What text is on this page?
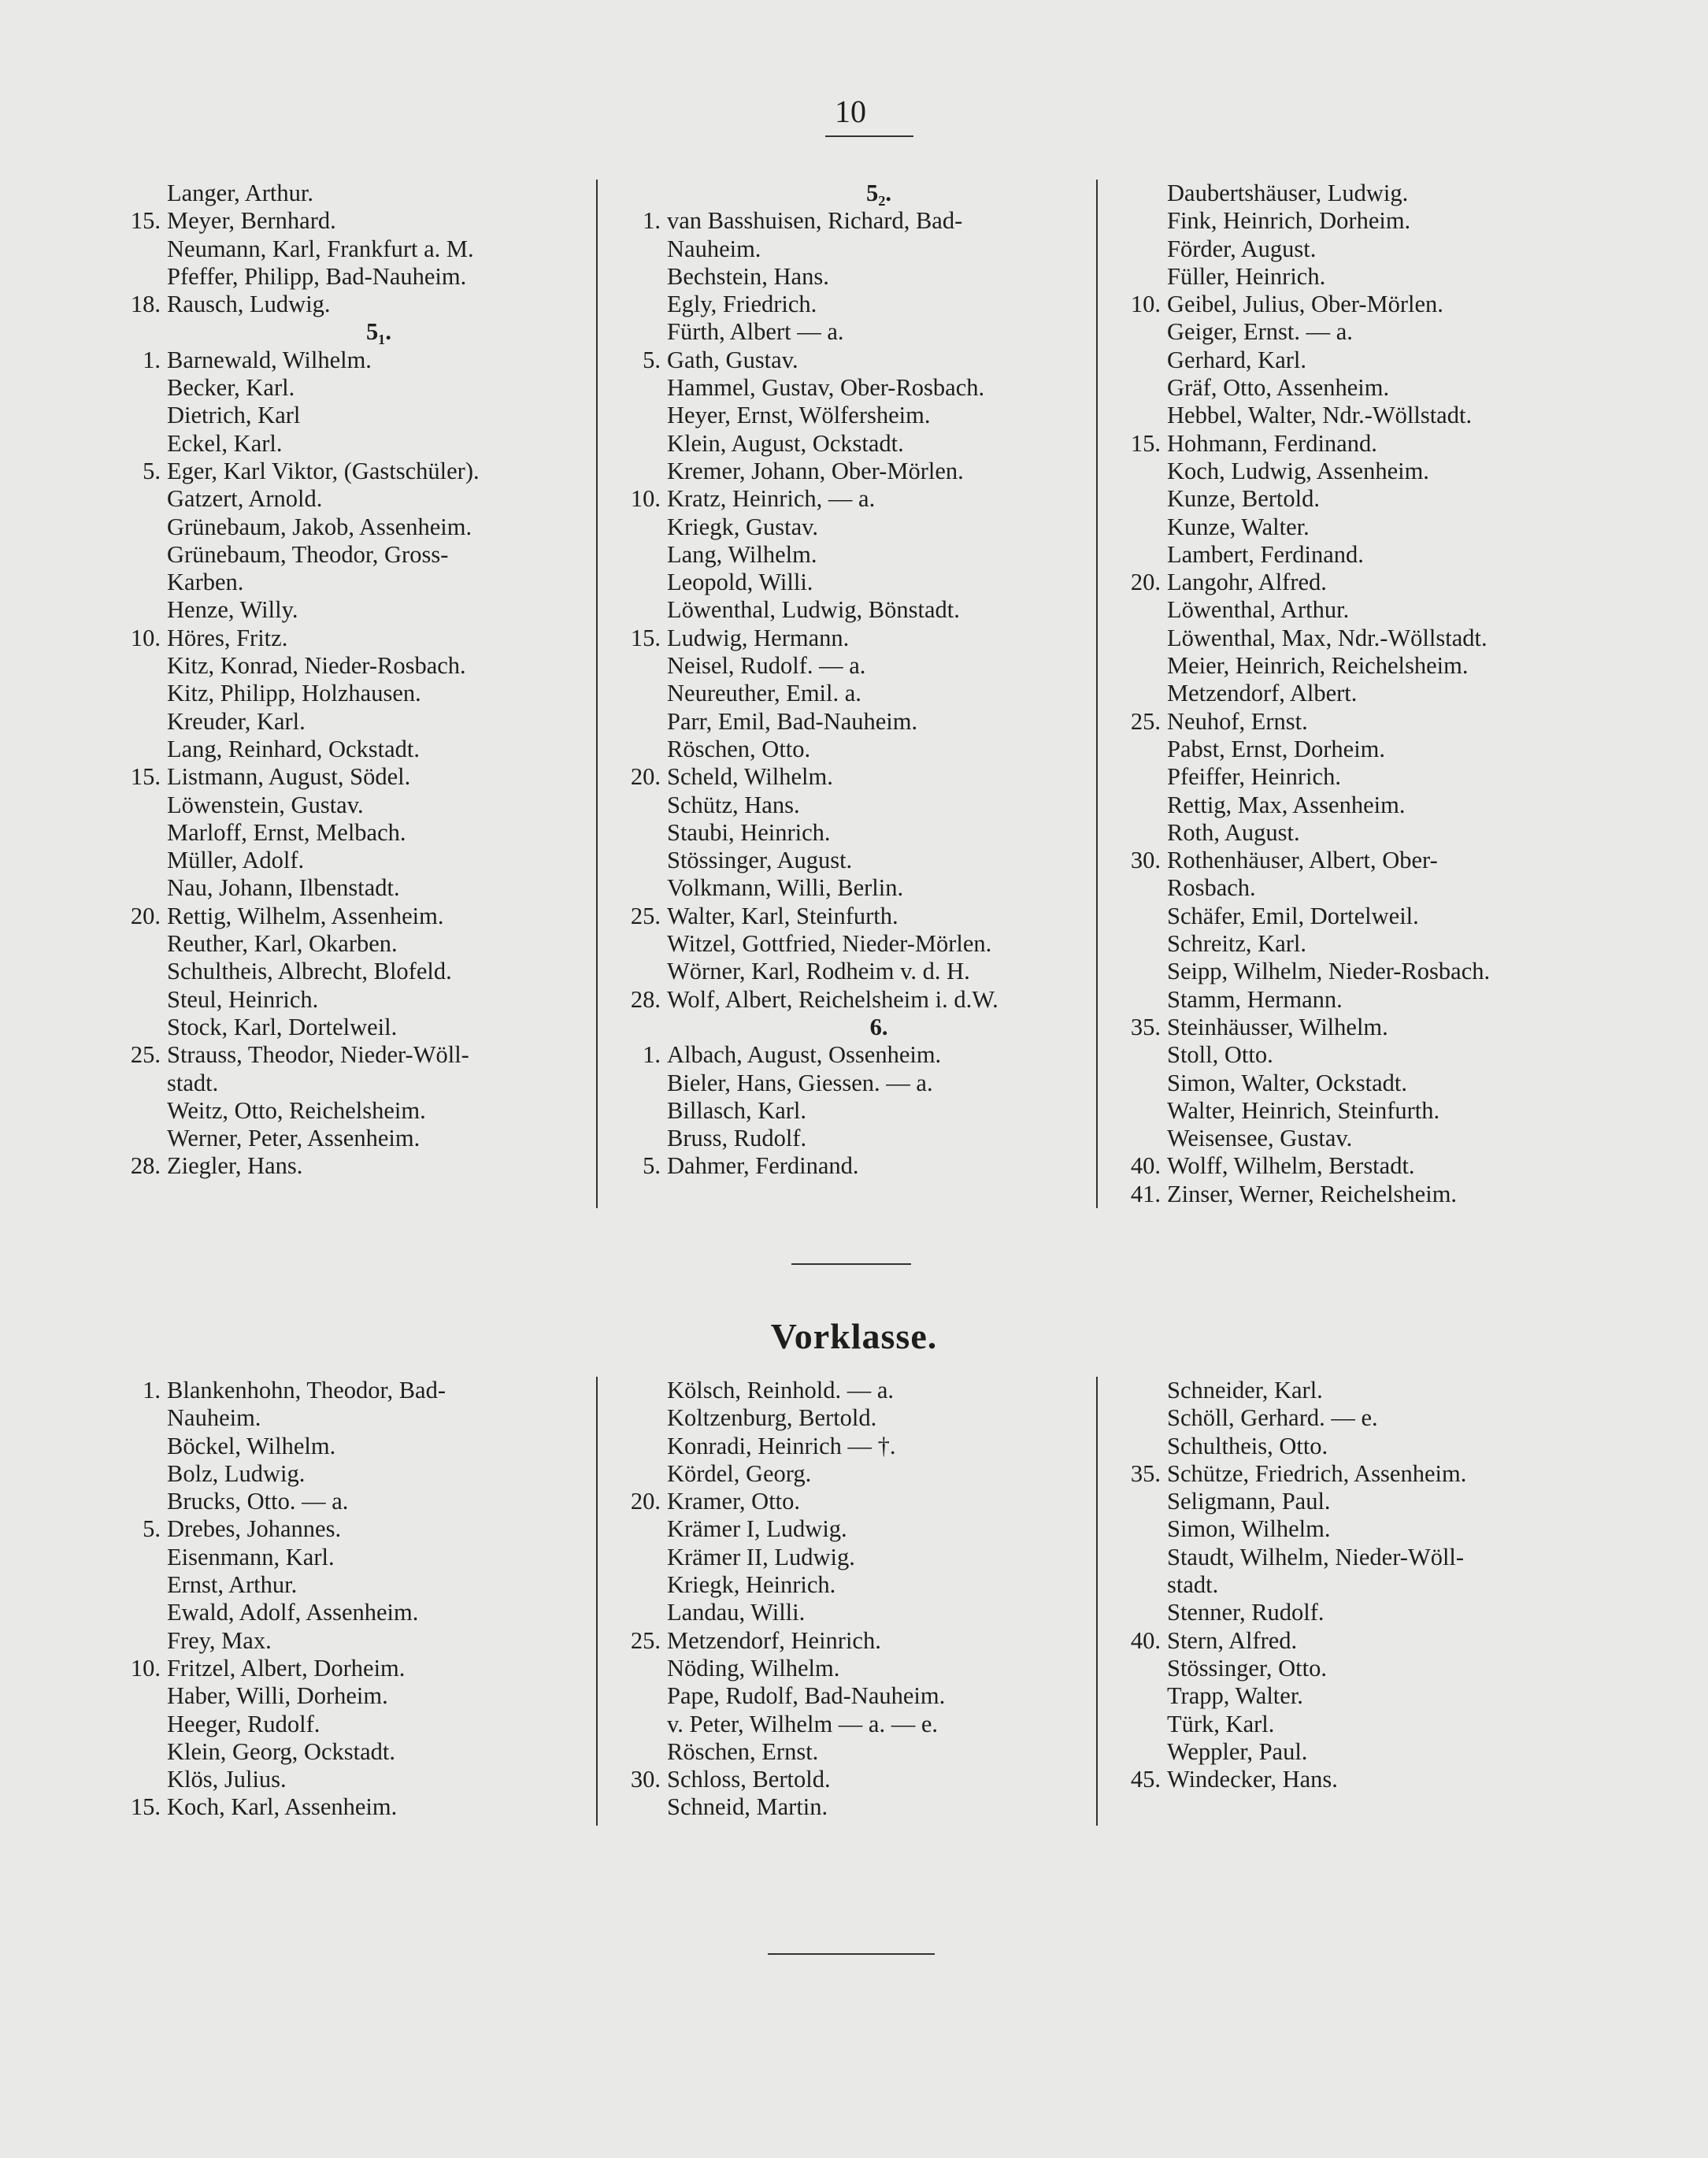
10
Langer, Arthur.
15. Meyer, Bernhard.
Neumann, Karl, Frankfurt a. M.
Pfeffer, Philipp, Bad-Nauheim.
18. Rausch, Ludwig.
5₁.
1. Barnewald, Wilhelm.
Becker, Karl.
Dietrich, Karl
Eckel, Karl.
5. Eger, Karl Viktor, (Gastschüler).
Gatzert, Arnold.
Grünebaum, Jakob, Assenheim.
Grünebaum, Theodor, Gross-
Karben.
Henze, Willy.
10. Höres, Fritz.
Kitz, Konrad, Nieder-Rosbach.
Kitz, Philipp, Holzhausen.
Kreuder, Karl.
Lang, Reinhard, Ockstadt.
15. Listmann, August, Södel.
Löwenstein, Gustav.
Marloff, Ernst, Melbach.
Müller, Adolf.
Nau, Johann, Ilbenstadt.
20. Rettig, Wilhelm, Assenheim.
Reuther, Karl, Okarben.
Schultheis, Albrecht, Blofeld.
Steul, Heinrich.
Stock, Karl, Dortelweil.
25. Strauss, Theodor, Nieder-Wöll-
stadt.
Weitz, Otto, Reichelsheim.
Werner, Peter, Assenheim.
28. Ziegler, Hans.
5₂.
1. van Basshuisen, Richard, Bad-
Nauheim.
Bechstein, Hans.
Egly, Friedrich.
Fürth, Albert — a.
5. Gath, Gustav.
Hammel, Gustav, Ober-Rosbach.
Heyer, Ernst, Wölfersheim.
Klein, August, Ockstadt.
Kremer, Johann, Ober-Mörlen.
10. Kratz, Heinrich, — a.
Kriegk, Gustav.
Lang, Wilhelm.
Leopold, Willi.
Löwenthal, Ludwig, Bönstadt.
15. Ludwig, Hermann.
Neisel, Rudolf. — a.
Neureuther, Emil. a.
Parr, Emil, Bad-Nauheim.
Röschen, Otto.
20. Scheld, Wilhelm.
Schütz, Hans.
Staubi, Heinrich.
Stössinger, August.
Volkmann, Willi, Berlin.
25. Walter, Karl, Steinfurth.
Witzel, Gottfried, Nieder-Mörlen.
Wörner, Karl, Rodheim v. d. H.
28. Wolf, Albert, Reichelsheim i. d.W.
6.
1. Albach, August, Ossenheim.
Bieler, Hans, Giessen. — a.
Billasch, Karl.
Bruss, Rudolf.
5. Dahmer, Ferdinand.
Daubertshäuser, Ludwig.
Fink, Heinrich, Dorheim.
Förder, August.
Füller, Heinrich.
10. Geibel, Julius, Ober-Mörlen.
Geiger, Ernst. — a.
Gerhard, Karl.
Gräf, Otto, Assenheim.
Hebbel, Walter, Ndr.-Wöllstadt.
15. Hohmann, Ferdinand.
Koch, Ludwig, Assenheim.
Kunze, Bertold.
Kunze, Walter.
Lambert, Ferdinand.
20. Langohr, Alfred.
Löwenthal, Arthur.
Löwenthal, Max, Ndr.-Wöllstadt.
Meier, Heinrich, Reichelsheim.
Metzendorf, Albert.
25. Neuhof, Ernst.
Pabst, Ernst, Dorheim.
Pfeiffer, Heinrich.
Rettig, Max, Assenheim.
Roth, August.
30. Rothenhäuser, Albert, Ober-
Rosbach.
Schäfer, Emil, Dortelweil.
Schreitz, Karl.
Seipp, Wilhelm, Nieder-Rosbach.
Stamm, Hermann.
35. Steinhäusser, Wilhelm.
Stoll, Otto.
Simon, Walter, Ockstadt.
Walter, Heinrich, Steinfurth.
Weisensee, Gustav.
40. Wolff, Wilhelm, Berstadt.
41. Zinser, Werner, Reichelsheim.
Vorklasse.
1. Blankenhohn, Theodor, Bad-
Nauheim.
Böckel, Wilhelm.
Bolz, Ludwig.
Brucks, Otto. — a.
5. Drebes, Johannes.
Eisenmann, Karl.
Ernst, Arthur.
Ewald, Adolf, Assenheim.
Frey, Max.
10. Fritzel, Albert, Dorheim.
Haber, Willi, Dorheim.
Heeger, Rudolf.
Klein, Georg, Ockstadt.
Klös, Julius.
15. Koch, Karl, Assenheim.
Kölsch, Reinhold. — a.
Koltzenburg, Bertold.
Konradi, Heinrich — †.
Kördel, Georg.
20. Kramer, Otto.
Krämer I, Ludwig.
Krämer II, Ludwig.
Kriegk, Heinrich.
Landau, Willi.
25. Metzendorf, Heinrich.
Nöding, Wilhelm.
Pape, Rudolf, Bad-Nauheim.
v. Peter, Wilhelm — a. — e.
Röschen, Ernst.
30. Schloss, Bertold.
Schneid, Martin.
Schneider, Karl.
Schöll, Gerhard. — e.
Schultheis, Otto.
35. Schütze, Friedrich, Assenheim.
Seligmann, Paul.
Simon, Wilhelm.
Staudt, Wilhelm, Nieder-Wöll-
stadt.
Stenner, Rudolf.
40. Stern, Alfred.
Stössinger, Otto.
Trapp, Walter.
Türk, Karl.
Weppler, Paul.
45. Windecker, Hans.
